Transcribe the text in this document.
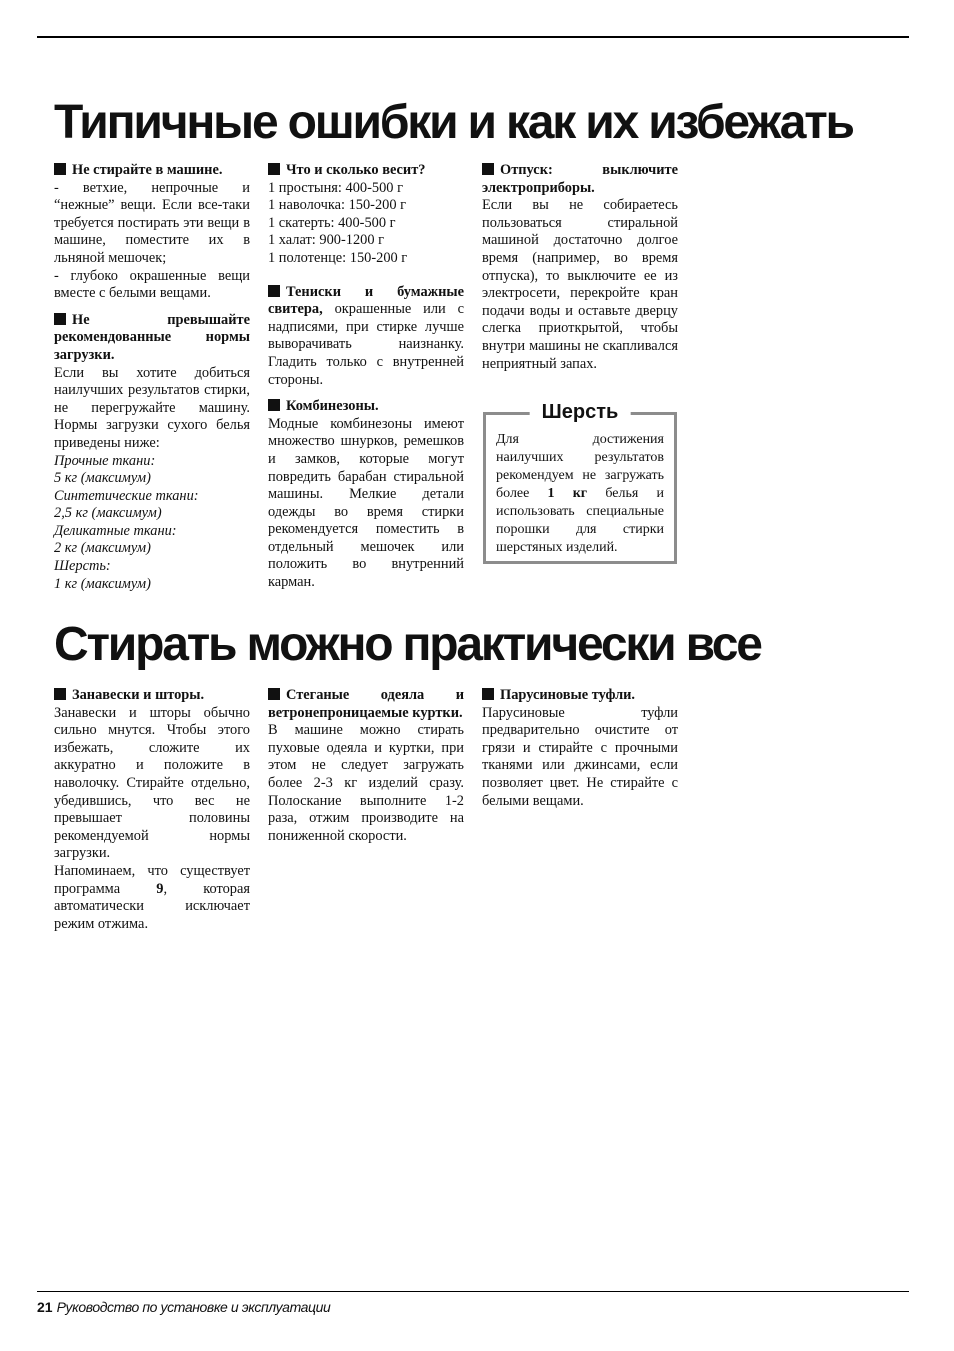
Типичные ошибки и как их избежать
Не стирайте в машине.

- ветхие, непрочные и “нежные” вещи. Если все-таки требуется постирать эти вещи в машине, поместите их в льняной мешочек;
- глубоко окрашенные вещи вместе с белыми вещами.

Не превышайте рекомендованные нормы загрузки.

Если вы хотите добиться наилучших результатов стирки, не перегружайте машину. Нормы загрузки сухого белья приведены ниже:

Прочные ткани:
5 кг (максимум)
Синтетические ткани:
2,5 кг (максимум)
Деликатные ткани:
2 кг (максимум)
Шерсть:
1 кг (максимум)
Что и сколько весит?
1 простыня: 400-500 г
1 наволочка: 150-200 г
1 скатерть: 400-500 г
1 халат: 900-1200 г
1 полотенце: 150-200 г

Тениски и бумажные свитера, окрашенные или с надписями, при стирке лучше выворачивать наизнанку. Гладить только с внутренней стороны.

Комбинезоны.

Модные комбинезоны имеют множество шнурков, ремешков и замков, которые могут повредить барабан стиральной машины. Мелкие детали одежды во время стирки рекомендуется поместить в отдельный мешочек или положить во внутренний карман.

Отпуск: выключите электроприборы.

Если вы не собираетесь пользоваться стиральной машиной достаточно долгое время (например, во время отпуска), то выключите ее из электросети, перекройте кран подачи воды и оставьте дверцу слегка приоткрытой, чтобы внутри машины не скапливался неприятный запах.

Шерсть
Для достижения наилучших результатов рекомендуем не загружать более 1 кг белья и использовать специальные порошки для стирки шерстяных изделий.
Стирать можно практически все
Занавески и шторы.

Занавески и шторы обычно сильно мнутся. Чтобы этого избежать, сложите их аккуратно и положите в наволочку. Стирайте отдельно, убедившись, что вес не превышает половины рекомендуемой нормы загрузки.
Напоминаем, что существует программа	9, которая автоматически исключает режим отжима.

Стеганые одеяла и ветронепроницаемые куртки.

В машине можно стирать пуховые одеяла и куртки, при этом не следует загружать более 2-3 кг изделий сразу. Полоскание выполните 1-2 раза, отжим производите на пониженной скорости.

Парусиновые туфли.

Парусиновые туфли предварительно очистите от грязи и стирайте с прочными тканями или джинсами, если позволяет цвет. Не стирайте с белыми вещами.

21 Руководство по установке и эксплуатации
